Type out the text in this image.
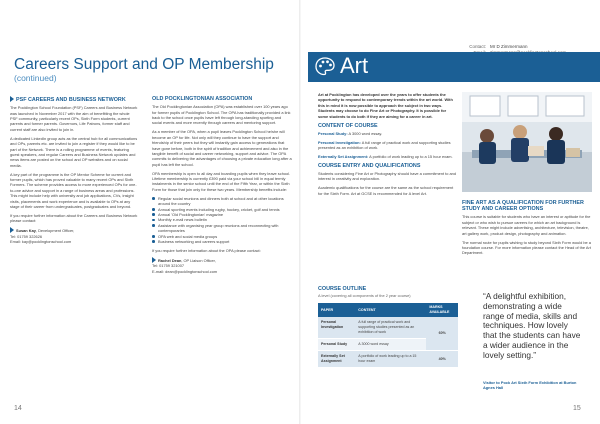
Careers Support and OP Membership
(continued)
PSF CAREERS AND BUSINESS NETWORK

The Pocklington School Foundation (PSF) Careers and Business Network was launched in November 2017 with the aim of benefitting the whole PSF community, particularly recent OPs, Sixth Form students, current parents and former parents. Governors, Life Patrons, former staff and current staff are also invited to join in.

A dedicated LinkedIn group acts as the central hub for all communications and OPs, parents etc. are invited to join a register if they would like to be part of the Network. There is a rolling programme of events, featuring guest speakers, and regular Careers and Business Network updates and news items are posted on the school and OP websites and on social media.

A key part of the programme is the OP Mentor Scheme for current and former pupils, which has proved valuable to many recent OPs and Sixth Formers. The scheme provides access to more experienced OPs for one-to-one advice and support in a range of business areas and professions. This might include help with university and job applications, CVs, insight visits, placements and work experience and is available to OPs at any stage of their career from undergraduates, postgraduates and beyond.

If you require further information about the Careers and Business Network please contact:

Susan Kay, Development Officer,
Tel: 01759 322626
Email: kay@pocklingtonschool.com
OLD POCKLINGTONIAN ASSOCIATION

The Old Pocklingtonian Association (OPA) was established over 100 years ago for former pupils of Pocklington School. The OPA has traditionally provided a link back to the school once pupils have left through long-standing sporting and social events and more recently through careers and mentoring support.

As a member of the OPA, when a pupil leaves Pocklington School he/she will become an OP for life. Not only will they continue to have the support and friendship of their peers but they will instantly gain access to generations that have gone before, both in the spirit of tradition and achievement and also in the tangible benefit of social and career networking, support and advice. The OPA commits to delivering the advantages of choosing a private education long after a pupil has left the school.

OPA membership is open to all day and boarding pupils when they leave school. Lifetime membership is currently £390 paid via your school bill in equal termly instalments in the senior school until the end of the Fifth Year, or within the Sixth Form for those that join only for these two years. Membership benefits include:

Regular social reunions and dinners both at school and at other locations around the country
Annual sporting events including rugby, hockey, cricket, golf and tennis
Annual 'Old Pocklingtonian' magazine
Monthly e-mail news bulletin
Assistance with organising year group reunions and reconnecting with contemporaries
OPA web and social media groups
Business networking and careers support

If you require further information about the OPA please contact:

Rachel Dean, OP Liaison Officer,
Tel: 01759 321007
E-mail: dean@pocklingtonschool.com
14
Contact: Mr D Zimmermann
Art

Art at Pocklington has developed over the years to offer students the opportunity to respond to contemporary trends within the art world. With this in mind it is now possible to approach the subject in two ways. Students may choose to do Fine Art or Photography. It is possible for some students to do both if they are aiming for a career in art.

CONTENT OF COURSE

Personal Study: A 3000 word essay.

Personal Investigation: A full range of practical work and supporting studies presented as an exhibition of work.

Externally Set Assignment: A portfolio of work leading up to a 15 hour exam.

COURSE ENTRY AND QUALIFICATIONS

Students considering Fine Art or Photography should have a commitment to and interest in creativity and exploration.

Academic qualifications for the course are the same as the school requirement for the Sixth Form. Art at GCSE is recommended for A level Art.

FINE ART AS A QUALIFICATION FOR FURTHER STUDY AND CAREER OPTIONS

This course is suitable for students who have an interest or aptitude for the subject or who wish to pursue careers for which an art background is relevant. These might include advertising, architecture, television, theatre, art gallery work, product design, photography and animation.

The normal route for pupils wishing to study beyond Sixth Form would be a foundation course. For more information please contact the Head of the Art Department.

COURSE OUTLINE
A level (covering all components of the 2 year course)
PAPER	CONTENT	MARKS AVAILABLE
Personal Investigation	A full range of practical work and supporting studies presented as an exhibition of work	60%
Personal Study	A 3000 word essay	
Externally Set Assignment	A portfolio of work leading up to a 15 hour exam	40%
“A delightful exhibition, demonstrating a wide range of media, skills and techniques. How lovely that the students can have a wider audience in the lovely setting.”
Visitor to Pock Art Sixth Form Exhibition at Burton Agnes Hall
15
